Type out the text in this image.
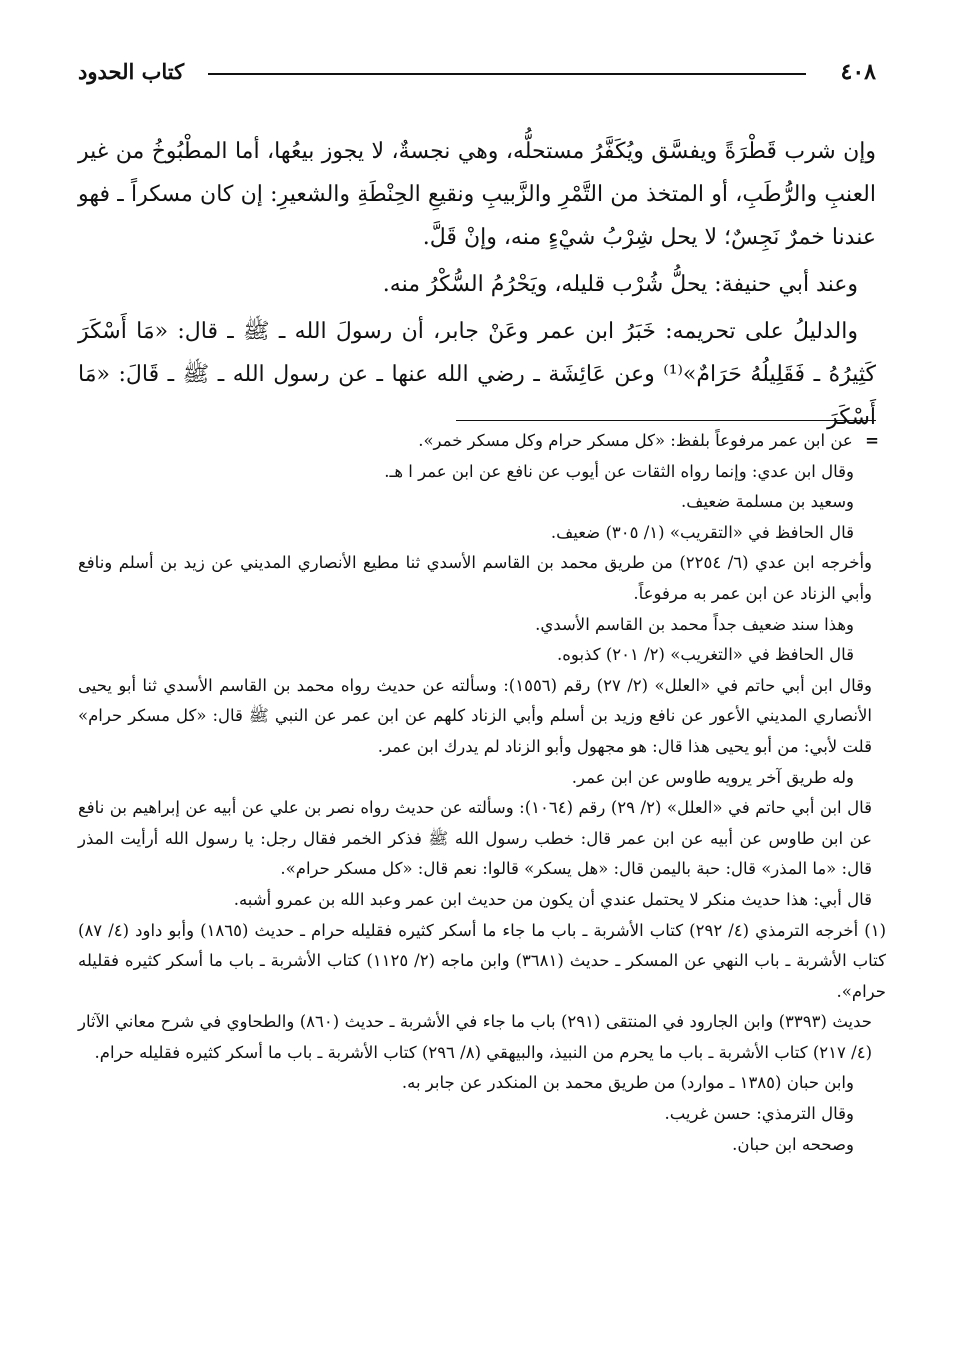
٤٠٨
كتاب الحدود

وإن شرب قَطْرَةً ويفسَّق ويُكَفَّرُ مستحلُّه، وهي نجسةٌ، لا يجوز بيعُها، أما المطْبُوخُ من غير العنبِ والرُّطَبِ، أو المتخذ من التَّمْرِ والزَّبيبِ ونقيعِ الحِنْطَةِ والشعيرِ: إن كان مسكراً ـ فهو عندنا خمرٌ نَجِسٌ؛ لا يحل شِرْبُ شيْءٍ منه، وإنْ قَلَّ.

وعند أبي حنيفة: يحلُّ شُرْب قليله، ويَحْرُمُ السُّكْرُ منه.

والدليلُ على تحريمه: خَبَرُ ابن عمر وعَنْ جابر، أن رسولَ الله ـ ﷺ ـ قال: «مَا أَسْكَرَ كَثِيرُهُ ـ فَقَلِيلُهُ حَرَامٌ»⁽¹⁾ وعن عَائِشَة ـ رضي الله عنها ـ عن رسول الله ـ ﷺ ـ قَالَ: «مَا أَسْكَرَ

= عن ابن عمر مرفوعاً بلفظ: «كل مسكر حرام وكل مسكر خمر».

وقال ابن عدي: وإنما رواه الثقات عن أيوب عن نافع عن ابن عمر ا هـ.

وسعيد بن مسلمة ضعيف.

قال الحافظ في «التقريب» (١/ ٣٠٥) ضعيف.

وأخرجه ابن عدي (٦/ ٢٢٥٤) من طريق محمد بن القاسم الأسدي ثنا مطيع الأنصاري المديني عن زيد بن أسلم ونافع وأبي الزناد عن ابن عمر به مرفوعاً.

وهذا سند ضعيف جداً محمد بن القاسم الأسدي.

قال الحافظ في «التغريب» (٢/ ٢٠١) كذبوه.

وقال ابن أبي حاتم في «العلل» (٢/ ٢٧) رقم (١٥٥٦): وسألته عن حديث رواه محمد بن القاسم الأسدي ثنا أبو يحيى الأنصاري المديني الأعور عن نافع وزيد بن أسلم وأبي الزناد كلهم عن ابن عمر عن النبي ﷺ قال: «كل مسكر حرام» قلت لأبي: من أبو يحيى هذا قال: هو مجهول وأبو الزناد لم يدرك ابن عمر.

وله طريق آخر يرويه طاوس عن ابن عمر.

قال ابن أبي حاتم في «العلل» (٢/ ٢٩) رقم (١٠٦٤): وسألته عن حديث رواه نصر بن علي عن أبيه عن إبراهيم بن نافع عن ابن طاوس عن أبيه عن ابن عمر قال: خطب رسول الله ﷺ فذكر الخمر فقال رجل: يا رسول الله أرأيت المذر قال: «ما المذر» قال: حبة باليمن قال: «هل يسكر» قالوا: نعم قال: «كل مسكر حرام».

قال أبي: هذا حديث منكر لا يحتمل عندي أن يكون من حديث ابن عمر وعبد الله بن عمرو أشبه.

(١) أخرجه الترمذي (٤/ ٢٩٢) كتاب الأشربة ـ باب ما جاء ما أسكر كثيره فقليله حرام ـ حديث (١٨٦٥) وأبو داود (٤/ ٨٧) كتاب الأشربة ـ باب النهي عن المسكر ـ حديث (٣٦٨١) وابن ماجه (٢/ ١١٢٥) كتاب الأشربة ـ باب ما أسكر كثيره فقليله حرام».

حديث (٣٣٩٣) وابن الجارود في المنتقى (٢٩١) باب ما جاء في الأشربة ـ حديث (٨٦٠) والطحاوي في شرح معاني الآثار (٤/ ٢١٧) كتاب الأشربة ـ باب ما يحرم من النبيذ، والبيهقي (٨/ ٢٩٦) كتاب الأشربة ـ باب ما أسكر كثيره فقليله حرام.

وابن حبان (١٣٨٥ ـ موارد) من طريق محمد بن المنكدر عن جابر به.

وقال الترمذي: حسن غريب.

وصححه ابن حبان.
